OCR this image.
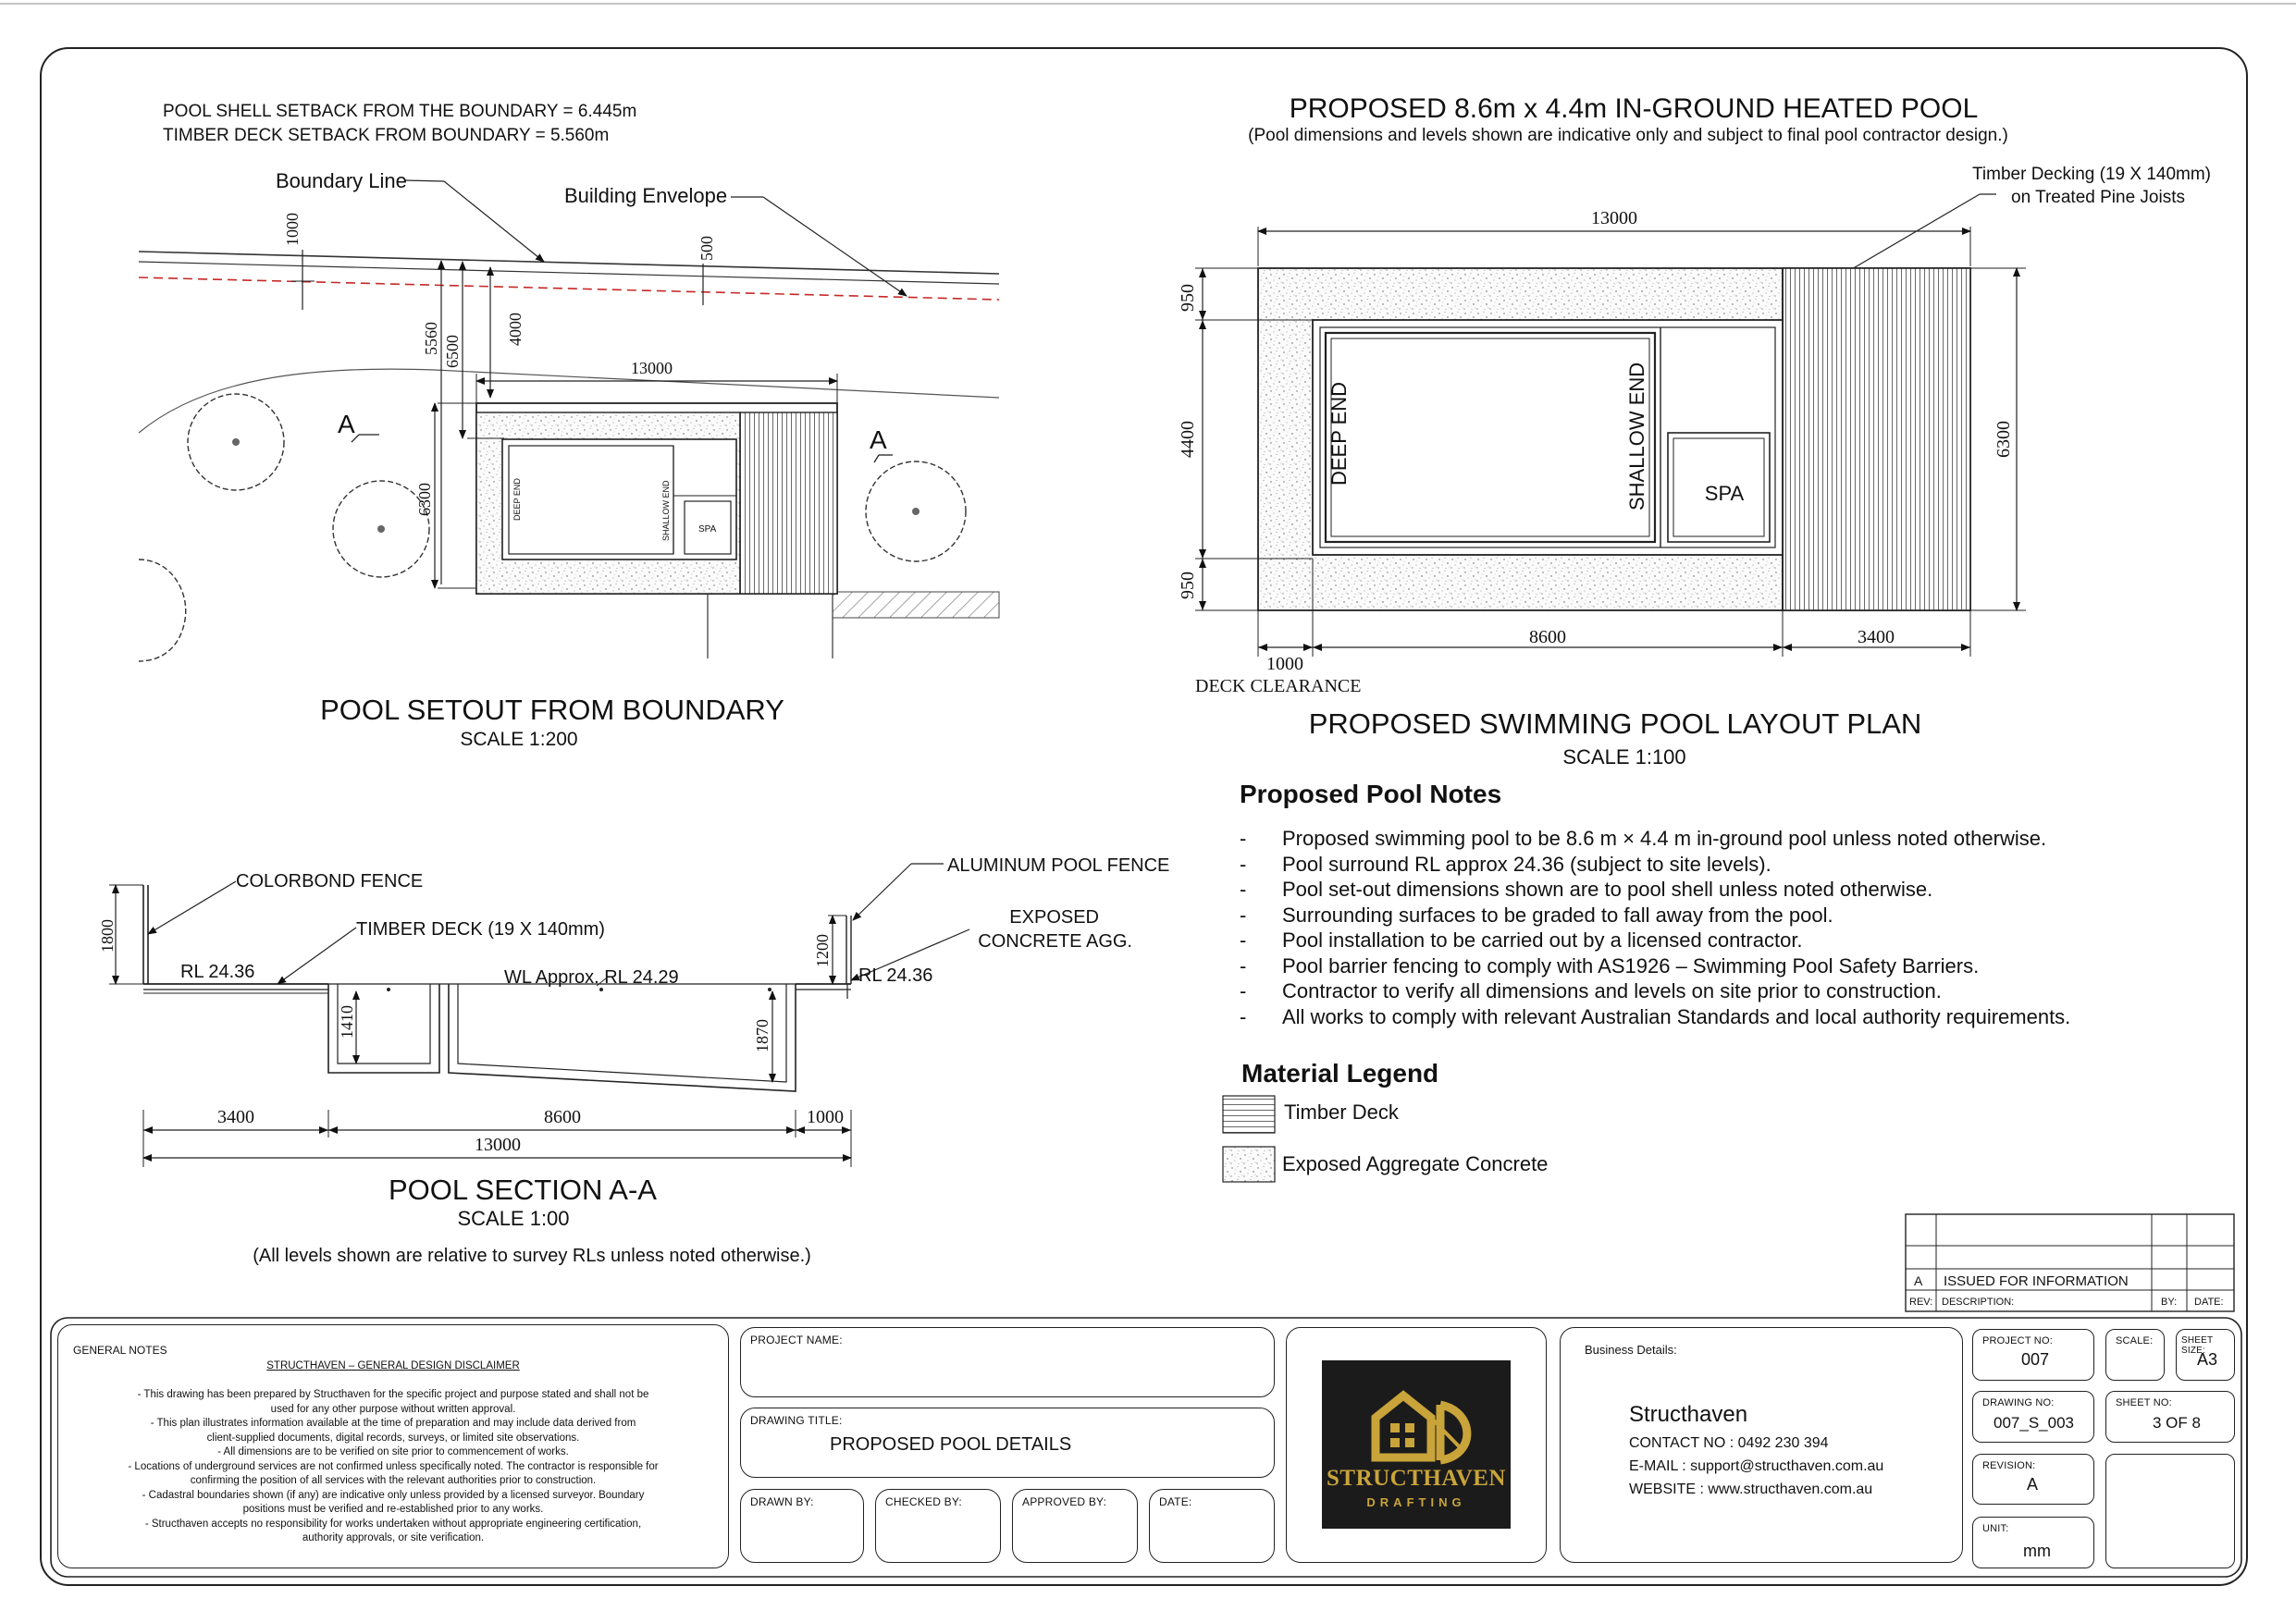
POOL SHELL SETBACK FROM THE BOUNDARY = 6.445m
TIMBER DECK SETBACK FROM BOUNDARY = 5.560m
Boundary Line
Building Envelope
1000
500
5560 6500
4000
13000
6300
A
A
DEEP END	SHALLOW END	SPA
POOL SETOUT FROM BOUNDARY
SCALE 1:200
PROPOSED 8.6m x 4.4m IN-GROUND HEATED POOL
(Pool dimensions and levels shown are indicative only and subject to final pool contractor design.)
Timber Decking (19 X 140mm)
on Treated Pine Joists
13000
950
4400
950
6300
8600	3400
1000
DECK CLEARANCE
DEEP END	SHALLOW END	SPA
PROPOSED SWIMMING POOL LAYOUT PLAN
SCALE 1:100
COLORBOND FENCE
TIMBER DECK (19 X 140mm)
ALUMINUM POOL FENCE
EXPOSED
CONCRETE AGG.
RL 24.36	RL 24.36
WL Approx. RL 24.29
1800	1200
1410	1870
3400	8600	1000
13000
POOL SECTION A-A
SCALE 1:00
(All levels shown are relative to survey RLs unless noted otherwise.)
A ISSUED FOR INFORMATION
REV: DESCRIPTION:	BY: DATE:
Proposed Pool Notes
- Proposed swimming pool to be 8.6 m × 4.4 m in-ground pool unless noted otherwise.
- Pool surround RL approx 24.36 (subject to site levels).
- Pool set-out dimensions shown are to pool shell unless noted otherwise.
- Surrounding surfaces to be graded to fall away from the pool.
- Pool installation to be carried out by a licensed contractor.
- Pool barrier fencing to comply with AS1926 – Swimming Pool Safety Barriers.
- Contractor to verify all dimensions and levels on site prior to construction.
- All works to comply with relevant Australian Standards and local authority requirements.
Material Legend
Timber Deck
Exposed Aggregate Concrete
GENERAL NOTES
STRUCTHAVEN – GENERAL DESIGN DISCLAIMER
- This drawing has been prepared by Structhaven for the specific project and purpose stated and shall not be
used for any other purpose without written approval.
- This plan illustrates information available at the time of preparation and may include data derived from
client-supplied documents, digital records, surveys, or limited site observations.
- All dimensions are to be verified on site prior to commencement of works.
- Locations of underground services are not confirmed unless specifically noted. The contractor is responsible for
confirming the position of all services with the relevant authorities prior to construction.
- Cadastral boundaries shown (if any) are indicative only unless provided by a licensed surveyor. Boundary
positions must be verified and re-established prior to any works.
- Structhaven accepts no responsibility for works undertaken without appropriate engineering certification,
authority approvals, or site verification.
PROJECT NAME:
DRAWING TITLE:
PROPOSED POOL DETAILS
DRAWN BY:	CHECKED BY:	APPROVED BY:	DATE:
STRUCTHAVEN
DRAFTING
Business Details:
Structhaven
CONTACT NO : 0492 230 394
E-MAIL : support@structhaven.com.au
WEBSITE : www.structhaven.com.au
PROJECT NO:
007
SCALE:	SHEET SIZE:
A3
DRAWING NO:
007_S_003
SHEET NO:
3 OF 8
REVISION:
A
UNIT:
mm
